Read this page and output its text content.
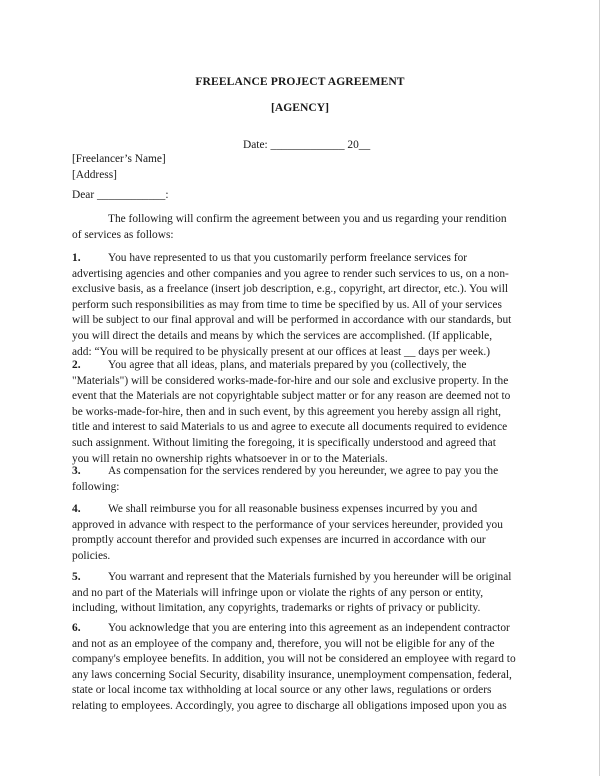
FREELANCE PROJECT AGREEMENT
[AGENCY]
Date: _____________ 20__
[Freelancer’s Name]
[Address]
Dear ____________:
The following will confirm the agreement between you and us regarding your rendition
of services as follows:
1. You have represented to us that you customarily perform freelance services for
advertising agencies and other companies and you agree to render such services to us, on a non-
exclusive basis, as a freelance (insert job description, e.g., copyright, art director, etc.). You will
perform such responsibilities as may from time to time be specified by us. All of your services
will be subject to our final approval and will be performed in accordance with our standards, but
you will direct the details and means by which the services are accomplished. (If applicable,
add: “You will be required to be physically present at our offices at least __ days per week.)
2. You agree that all ideas, plans, and materials prepared by you (collectively, the
"Materials") will be considered works-made-for-hire and our sole and exclusive property. In the
event that the Materials are not copyrightable subject matter or for any reason are deemed not to
be works-made-for-hire, then and in such event, by this agreement you hereby assign all right,
title and interest to said Materials to us and agree to execute all documents required to evidence
such assignment. Without limiting the foregoing, it is specifically understood and agreed that
you will retain no ownership rights whatsoever in or to the Materials.
3. As compensation for the services rendered by you hereunder, we agree to pay you the
following:
4. We shall reimburse you for all reasonable business expenses incurred by you and
approved in advance with respect to the performance of your services hereunder, provided you
promptly account therefor and provided such expenses are incurred in accordance with our
policies.
5. You warrant and represent that the Materials furnished by you hereunder will be original
and no part of the Materials will infringe upon or violate the rights of any person or entity,
including, without limitation, any copyrights, trademarks or rights of privacy or publicity.
6. You acknowledge that you are entering into this agreement as an independent contractor
and not as an employee of the company and, therefore, you will not be eligible for any of the
company's employee benefits. In addition, you will not be considered an employee with regard to
any laws concerning Social Security, disability insurance, unemployment compensation, federal,
state or local income tax withholding at local source or any other laws, regulations or orders
relating to employees. Accordingly, you agree to discharge all obligations imposed upon you as
